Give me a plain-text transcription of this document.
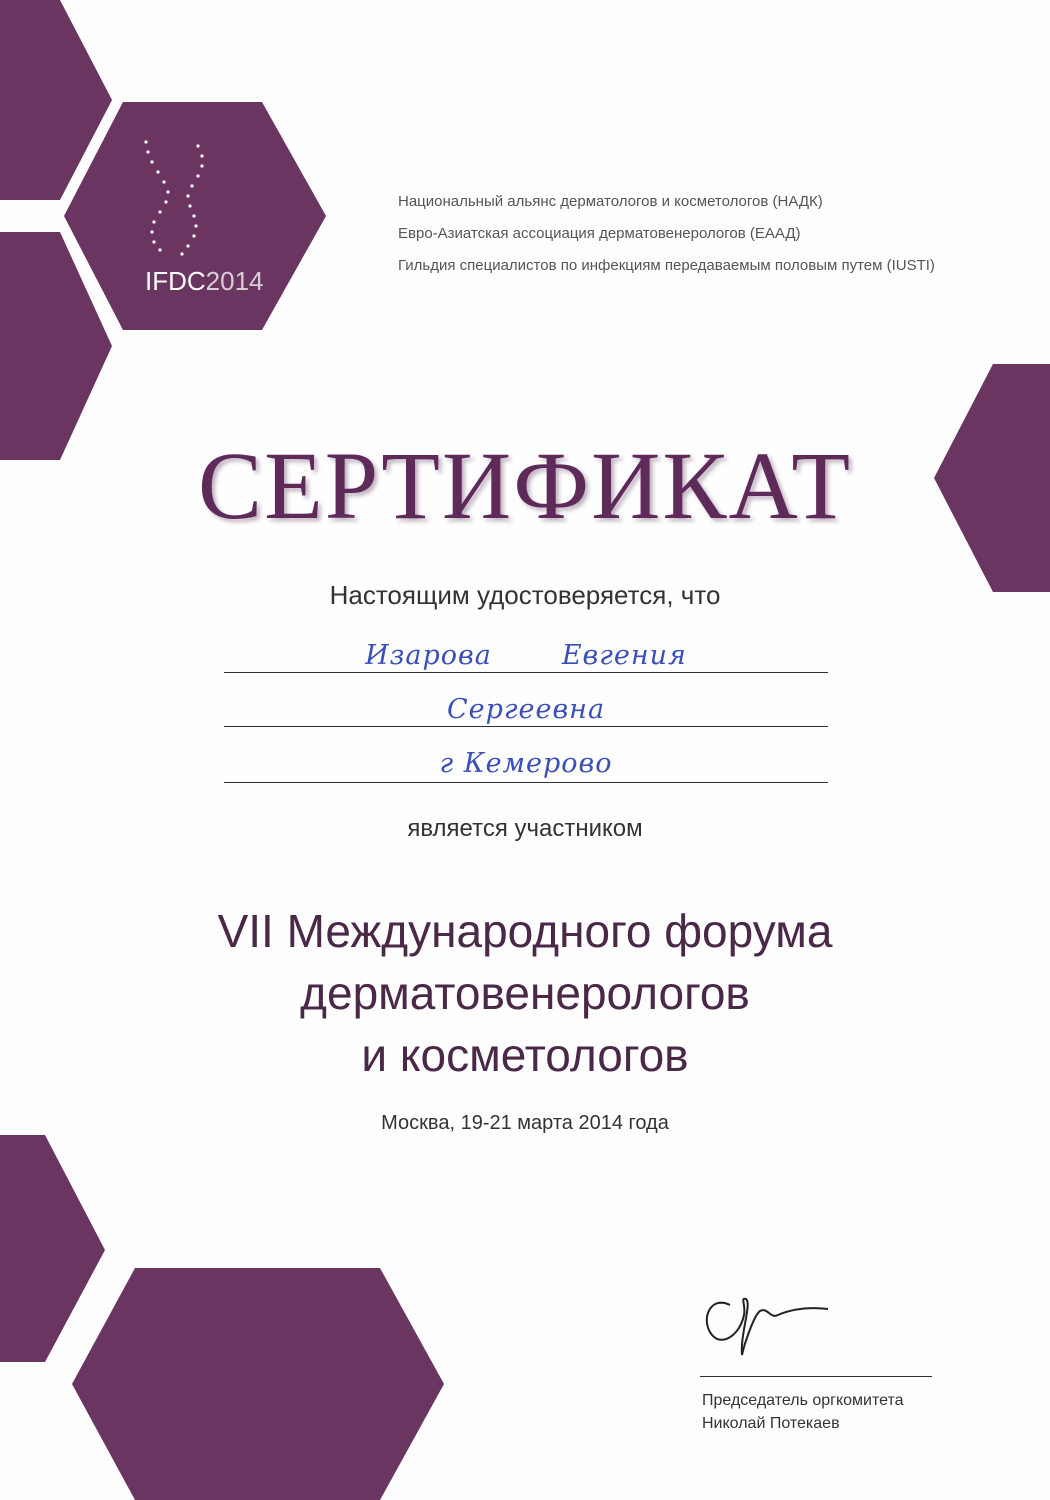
IFDC2014
Национальный альянс дерматологов и косметологов (НАДК)
Евро-Азиатская ассоциация дерматовенерологов (ЕААД)
Гильдия специалистов по инфекциям передаваемым половым путем (IUSTI)
СЕРТИФИКАТ
Настоящим удостоверяется, что
Изарова	Евгения
Сергеевна
г Кемерово
является участником
VII Международного форума
дерматовенерологов
и косметологов
Москва, 19-21 марта 2014 года
Председатель оргкомитета
Николай Потекаев
